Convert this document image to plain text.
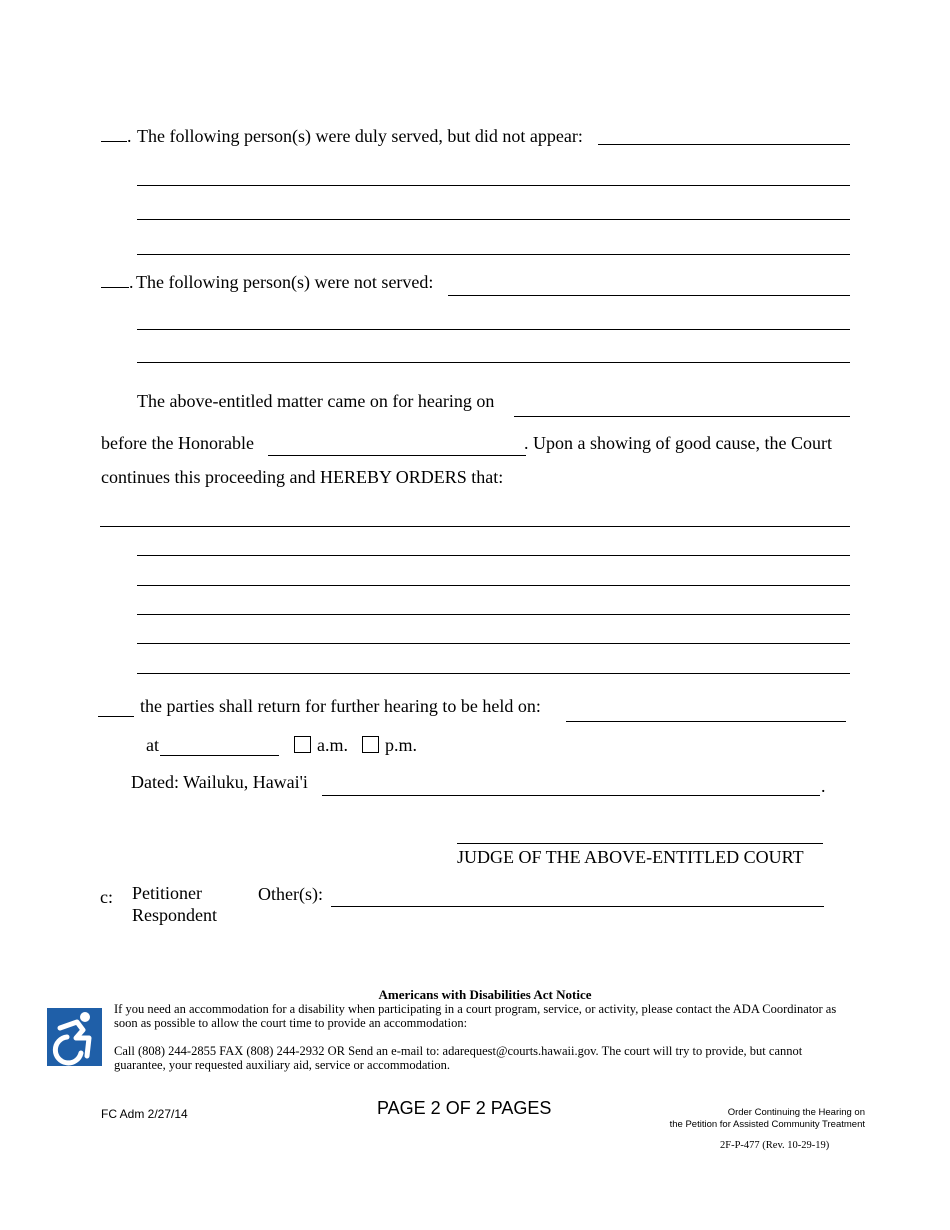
. The following person(s) were duly served, but did not appear:
. The following person(s) were not served:
The above-entitled matter came on for hearing on
before the Honorable	. Upon a showing of good cause, the Court
continues this proceeding and HEREBY ORDERS that:
the parties shall return for further hearing to be held on:
at	a.m. p.m.
Dated: Wailuku, Hawai'i	.
JUDGE OF THE ABOVE-ENTITLED COURT
c: Petitioner
Respondent
Other(s):
Americans with Disabilities Act Notice
If you need an accommodation for a disability when participating in a court program, service, or activity, please contact the ADA Coordinator as soon as possible to allow the court time to provide an accommodation:
Call (808) 244-2855 FAX (808) 244-2932 OR Send an e-mail to: adarequest@courts.hawaii.gov. The court will try to provide, but cannot guarantee, your requested auxiliary aid, service or accommodation.
FC Adm 2/27/14	PAGE 2 OF 2 PAGES	Order Continuing the Hearing on
the Petition for Assisted Community Treatment
2F-P-477 (Rev. 10-29-19)
